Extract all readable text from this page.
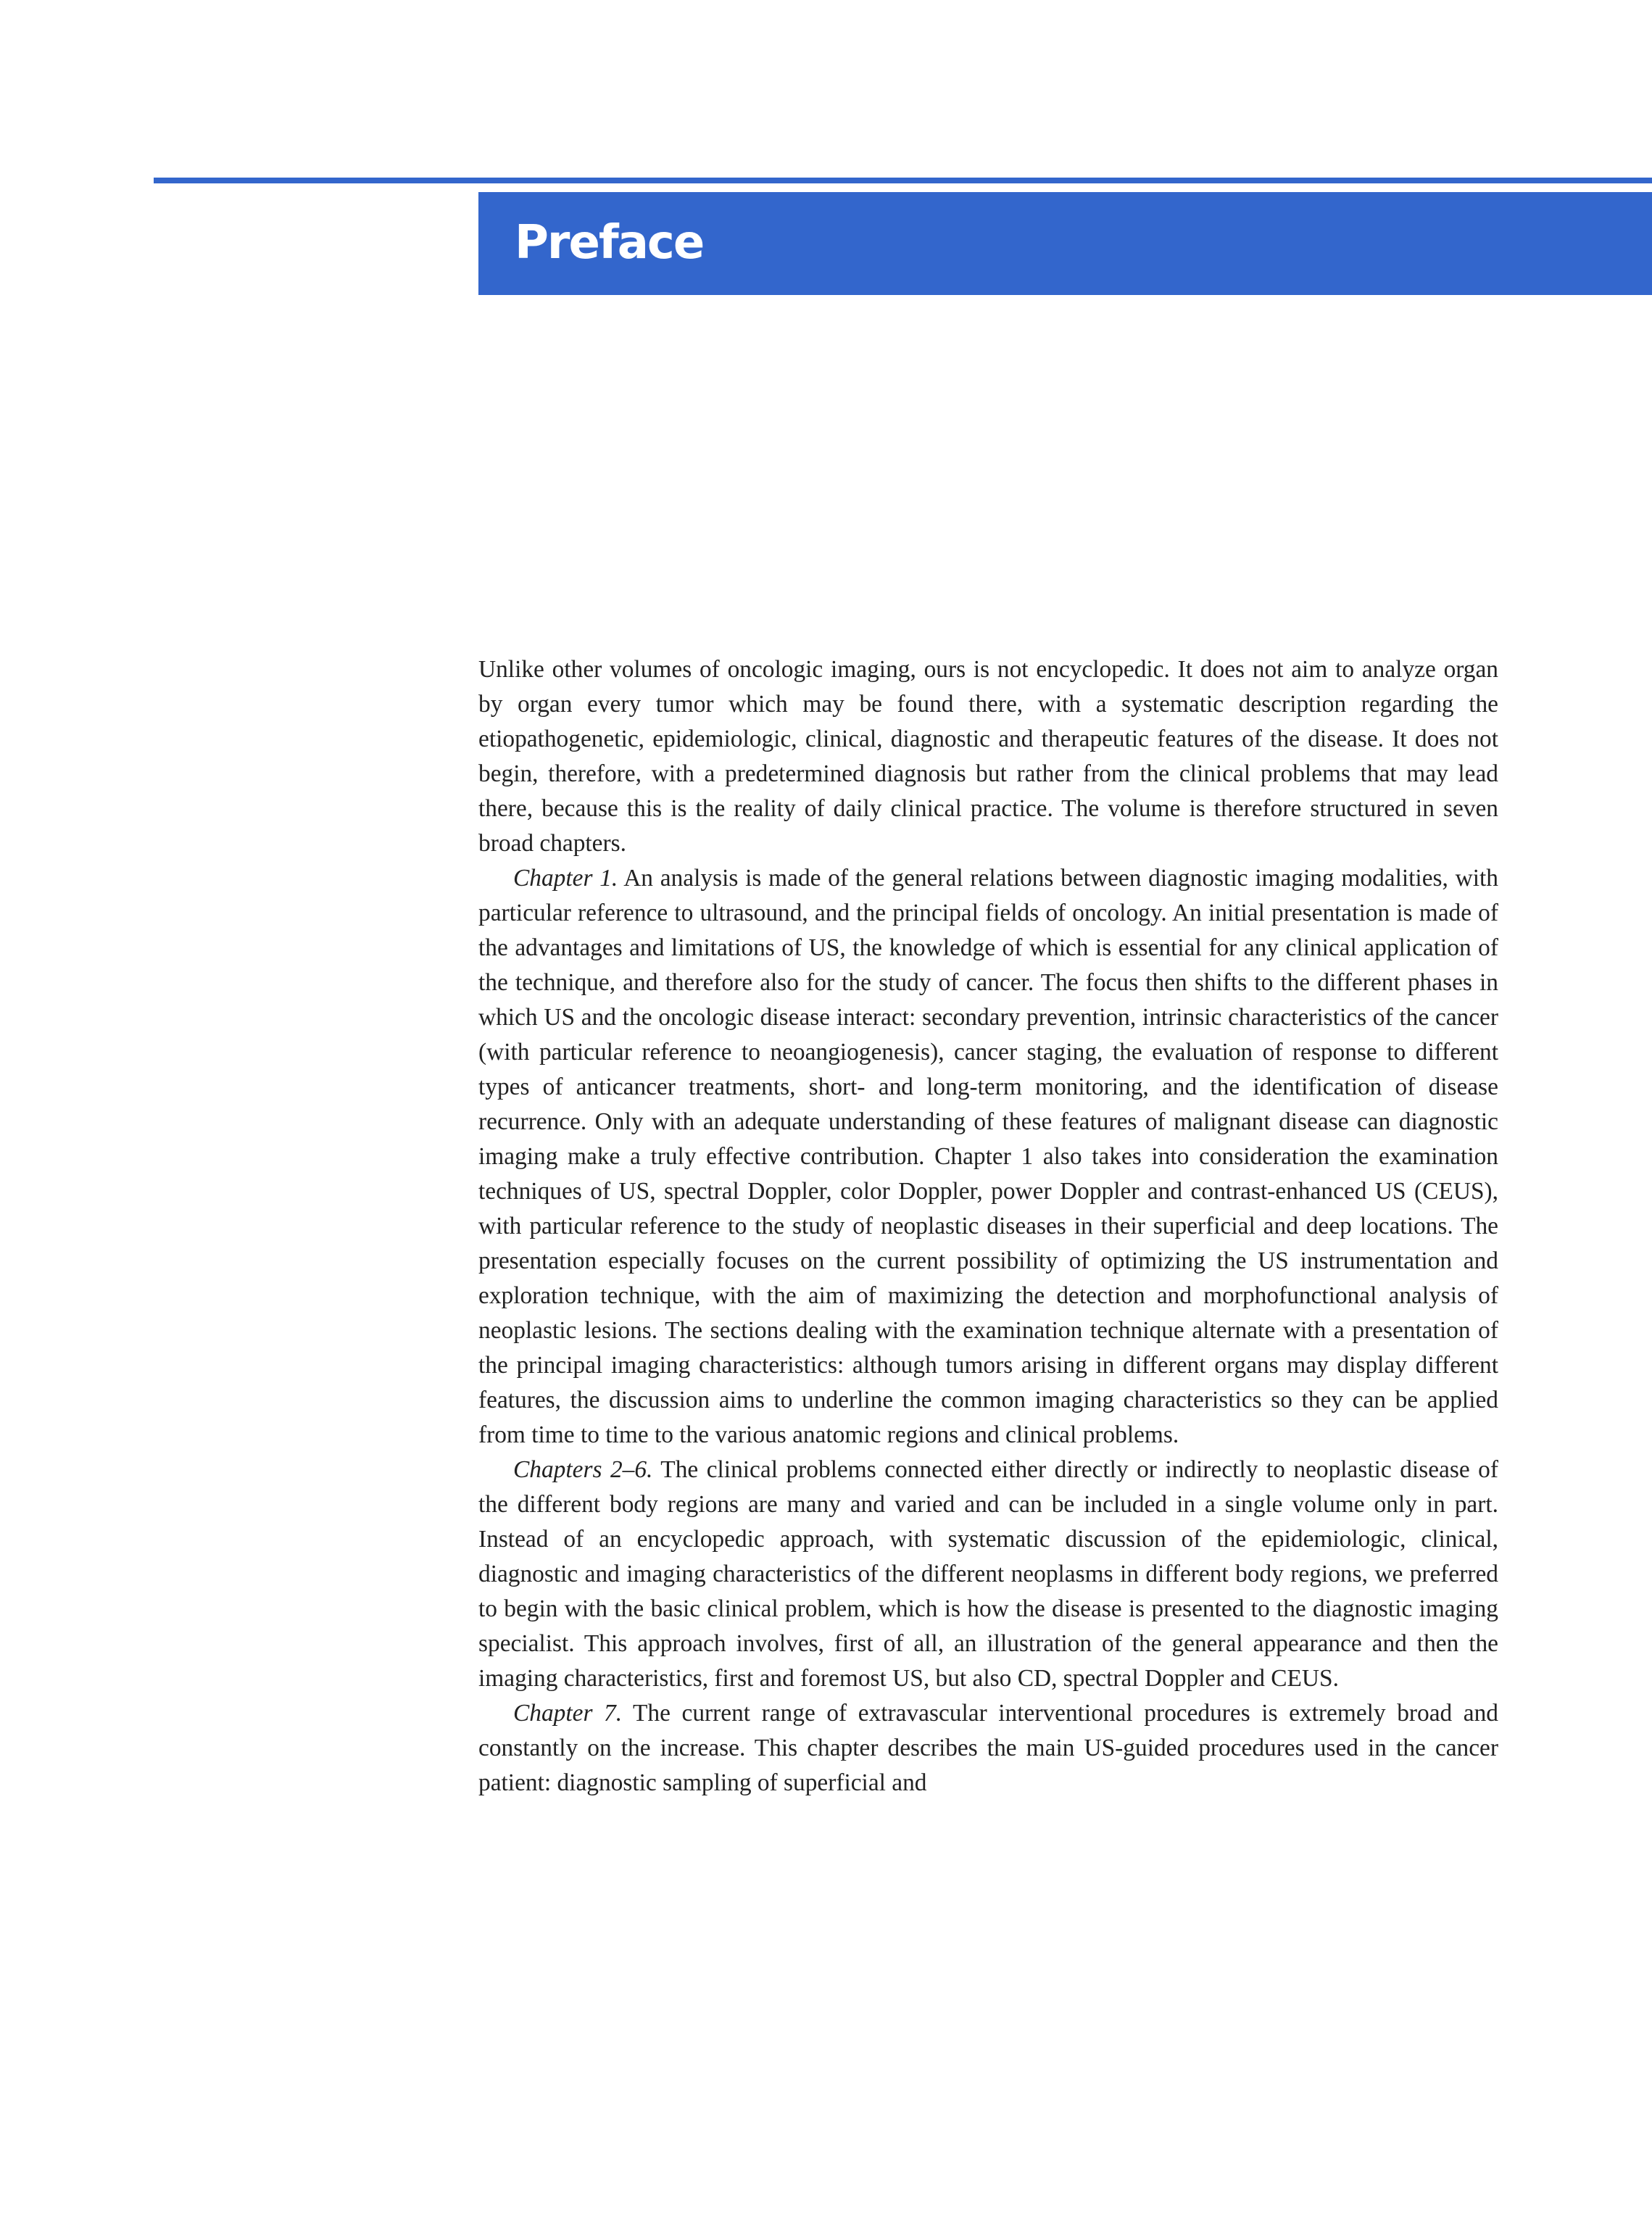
Preface

Unlike other volumes of oncologic imaging, ours is not encyclopedic. It does not aim to analyze organ by organ every tumor which may be found there, with a systematic description regarding the etiopathogenetic, epidemiologic, clinical, diagnostic and therapeutic features of the disease. It does not begin, therefore, with a predetermined diagnosis but rather from the clinical problems that may lead there, because this is the reality of daily clinical practice. The volume is therefore structured in seven broad chapters.

Chapter 1. An analysis is made of the general relations between diagnostic imaging modalities, with particular reference to ultrasound, and the principal fields of oncology. An initial presentation is made of the advantages and limitations of US, the knowledge of which is essential for any clinical application of the technique, and therefore also for the study of cancer. The focus then shifts to the different phases in which US and the oncologic disease interact: secondary prevention, intrinsic characteristics of the cancer (with particular reference to neoangiogenesis), cancer staging, the evaluation of response to different types of anticancer treatments, short- and long-term monitoring, and the identification of disease recurrence. Only with an adequate understanding of these features of malignant disease can diagnostic imaging make a truly effective contribution. Chapter 1 also takes into consideration the examination techniques of US, spectral Doppler, color Doppler, power Doppler and contrast-enhanced US (CEUS), with particular reference to the study of neoplastic diseases in their superficial and deep locations. The presentation especially focuses on the current possibility of optimizing the US instrumentation and exploration technique, with the aim of maximizing the detection and morphofunctional analysis of neoplastic lesions. The sections dealing with the examination technique alternate with a presentation of the principal imaging characteristics: although tumors arising in different organs may display different features, the discussion aims to underline the common imaging characteristics so they can be applied from time to time to the various anatomic regions and clinical problems.

Chapters 2–6. The clinical problems connected either directly or indirectly to neoplastic disease of the different body regions are many and varied and can be included in a single volume only in part. Instead of an encyclopedic approach, with systematic discussion of the epidemiologic, clinical, diagnostic and imaging characteristics of the different neoplasms in different body regions, we preferred to begin with the basic clinical problem, which is how the disease is presented to the diagnostic imaging specialist. This approach involves, first of all, an illustration of the general appearance and then the imaging characteristics, first and foremost US, but also CD, spectral Doppler and CEUS.

Chapter 7. The current range of extravascular interventional procedures is extremely broad and constantly on the increase. This chapter describes the main US-guided procedures used in the cancer patient: diagnostic sampling of superficial and
